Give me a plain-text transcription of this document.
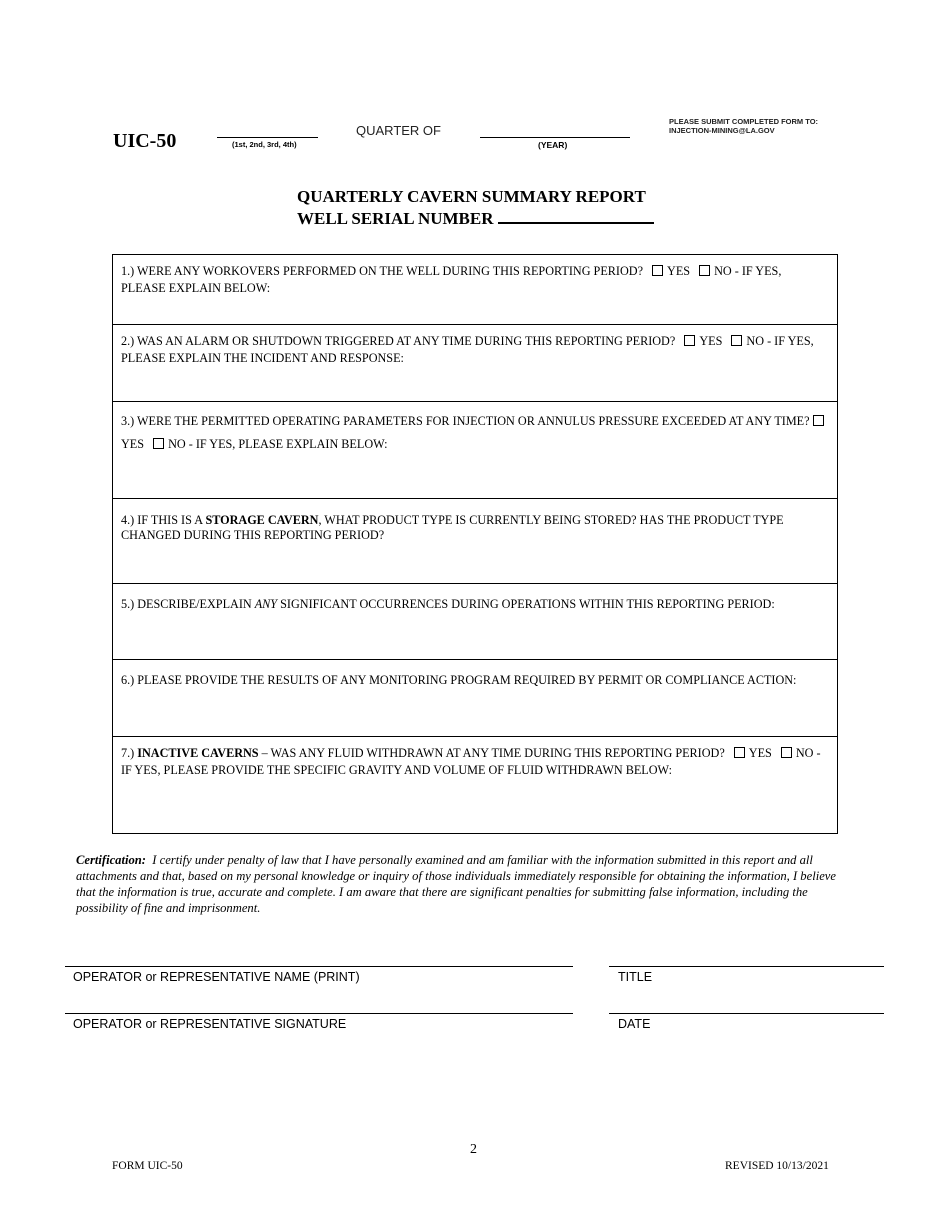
UIC-50	(1st, 2nd, 3rd, 4th)
QUARTER OF
(YEAR)
PLEASE SUBMIT COMPLETED FORM TO:
INJECTION-MINING@LA.GOV
QUARTERLY CAVERN SUMMARY REPORT
WELL SERIAL NUMBER
1.) WERE ANY WORKOVERS PERFORMED ON THE WELL DURING THIS REPORTING PERIOD? YES NO - IF YES, PLEASE EXPLAIN BELOW:
2.) WAS AN ALARM OR SHUTDOWN TRIGGERED AT ANY TIME DURING THIS REPORTING PERIOD? YES NO - IF YES, PLEASE EXPLAIN THE INCIDENT AND RESPONSE:
3.) WERE THE PERMITTED OPERATING PARAMETERS FOR INJECTION OR ANNULUS PRESSURE EXCEEDED AT ANY TIME? YES NO - IF YES, PLEASE EXPLAIN BELOW:
4.) IF THIS IS A STORAGE CAVERN, WHAT PRODUCT TYPE IS CURRENTLY BEING STORED? HAS THE PRODUCT TYPE CHANGED DURING THIS REPORTING PERIOD?
5.) DESCRIBE/EXPLAIN ANY SIGNIFICANT OCCURRENCES DURING OPERATIONS WITHIN THIS REPORTING PERIOD:
6.) PLEASE PROVIDE THE RESULTS OF ANY MONITORING PROGRAM REQUIRED BY PERMIT OR COMPLIANCE ACTION:
7.) INACTIVE CAVERNS – WAS ANY FLUID WITHDRAWN AT ANY TIME DURING THIS REPORTING PERIOD? YES NO - IF YES, PLEASE PROVIDE THE SPECIFIC GRAVITY AND VOLUME OF FLUID WITHDRAWN BELOW:
Certification: I certify under penalty of law that I have personally examined and am familiar with the information submitted in this report and all attachments and that, based on my personal knowledge or inquiry of those individuals immediately responsible for obtaining the information, I believe that the information is true, accurate and complete. I am aware that there are significant penalties for submitting false information, including the possibility of fine and imprisonment.
OPERATOR or REPRESENTATIVE NAME (PRINT)	TITLE
OPERATOR or REPRESENTATIVE SIGNATURE	DATE
2
FORM UIC-50	REVISED 10/13/2021
